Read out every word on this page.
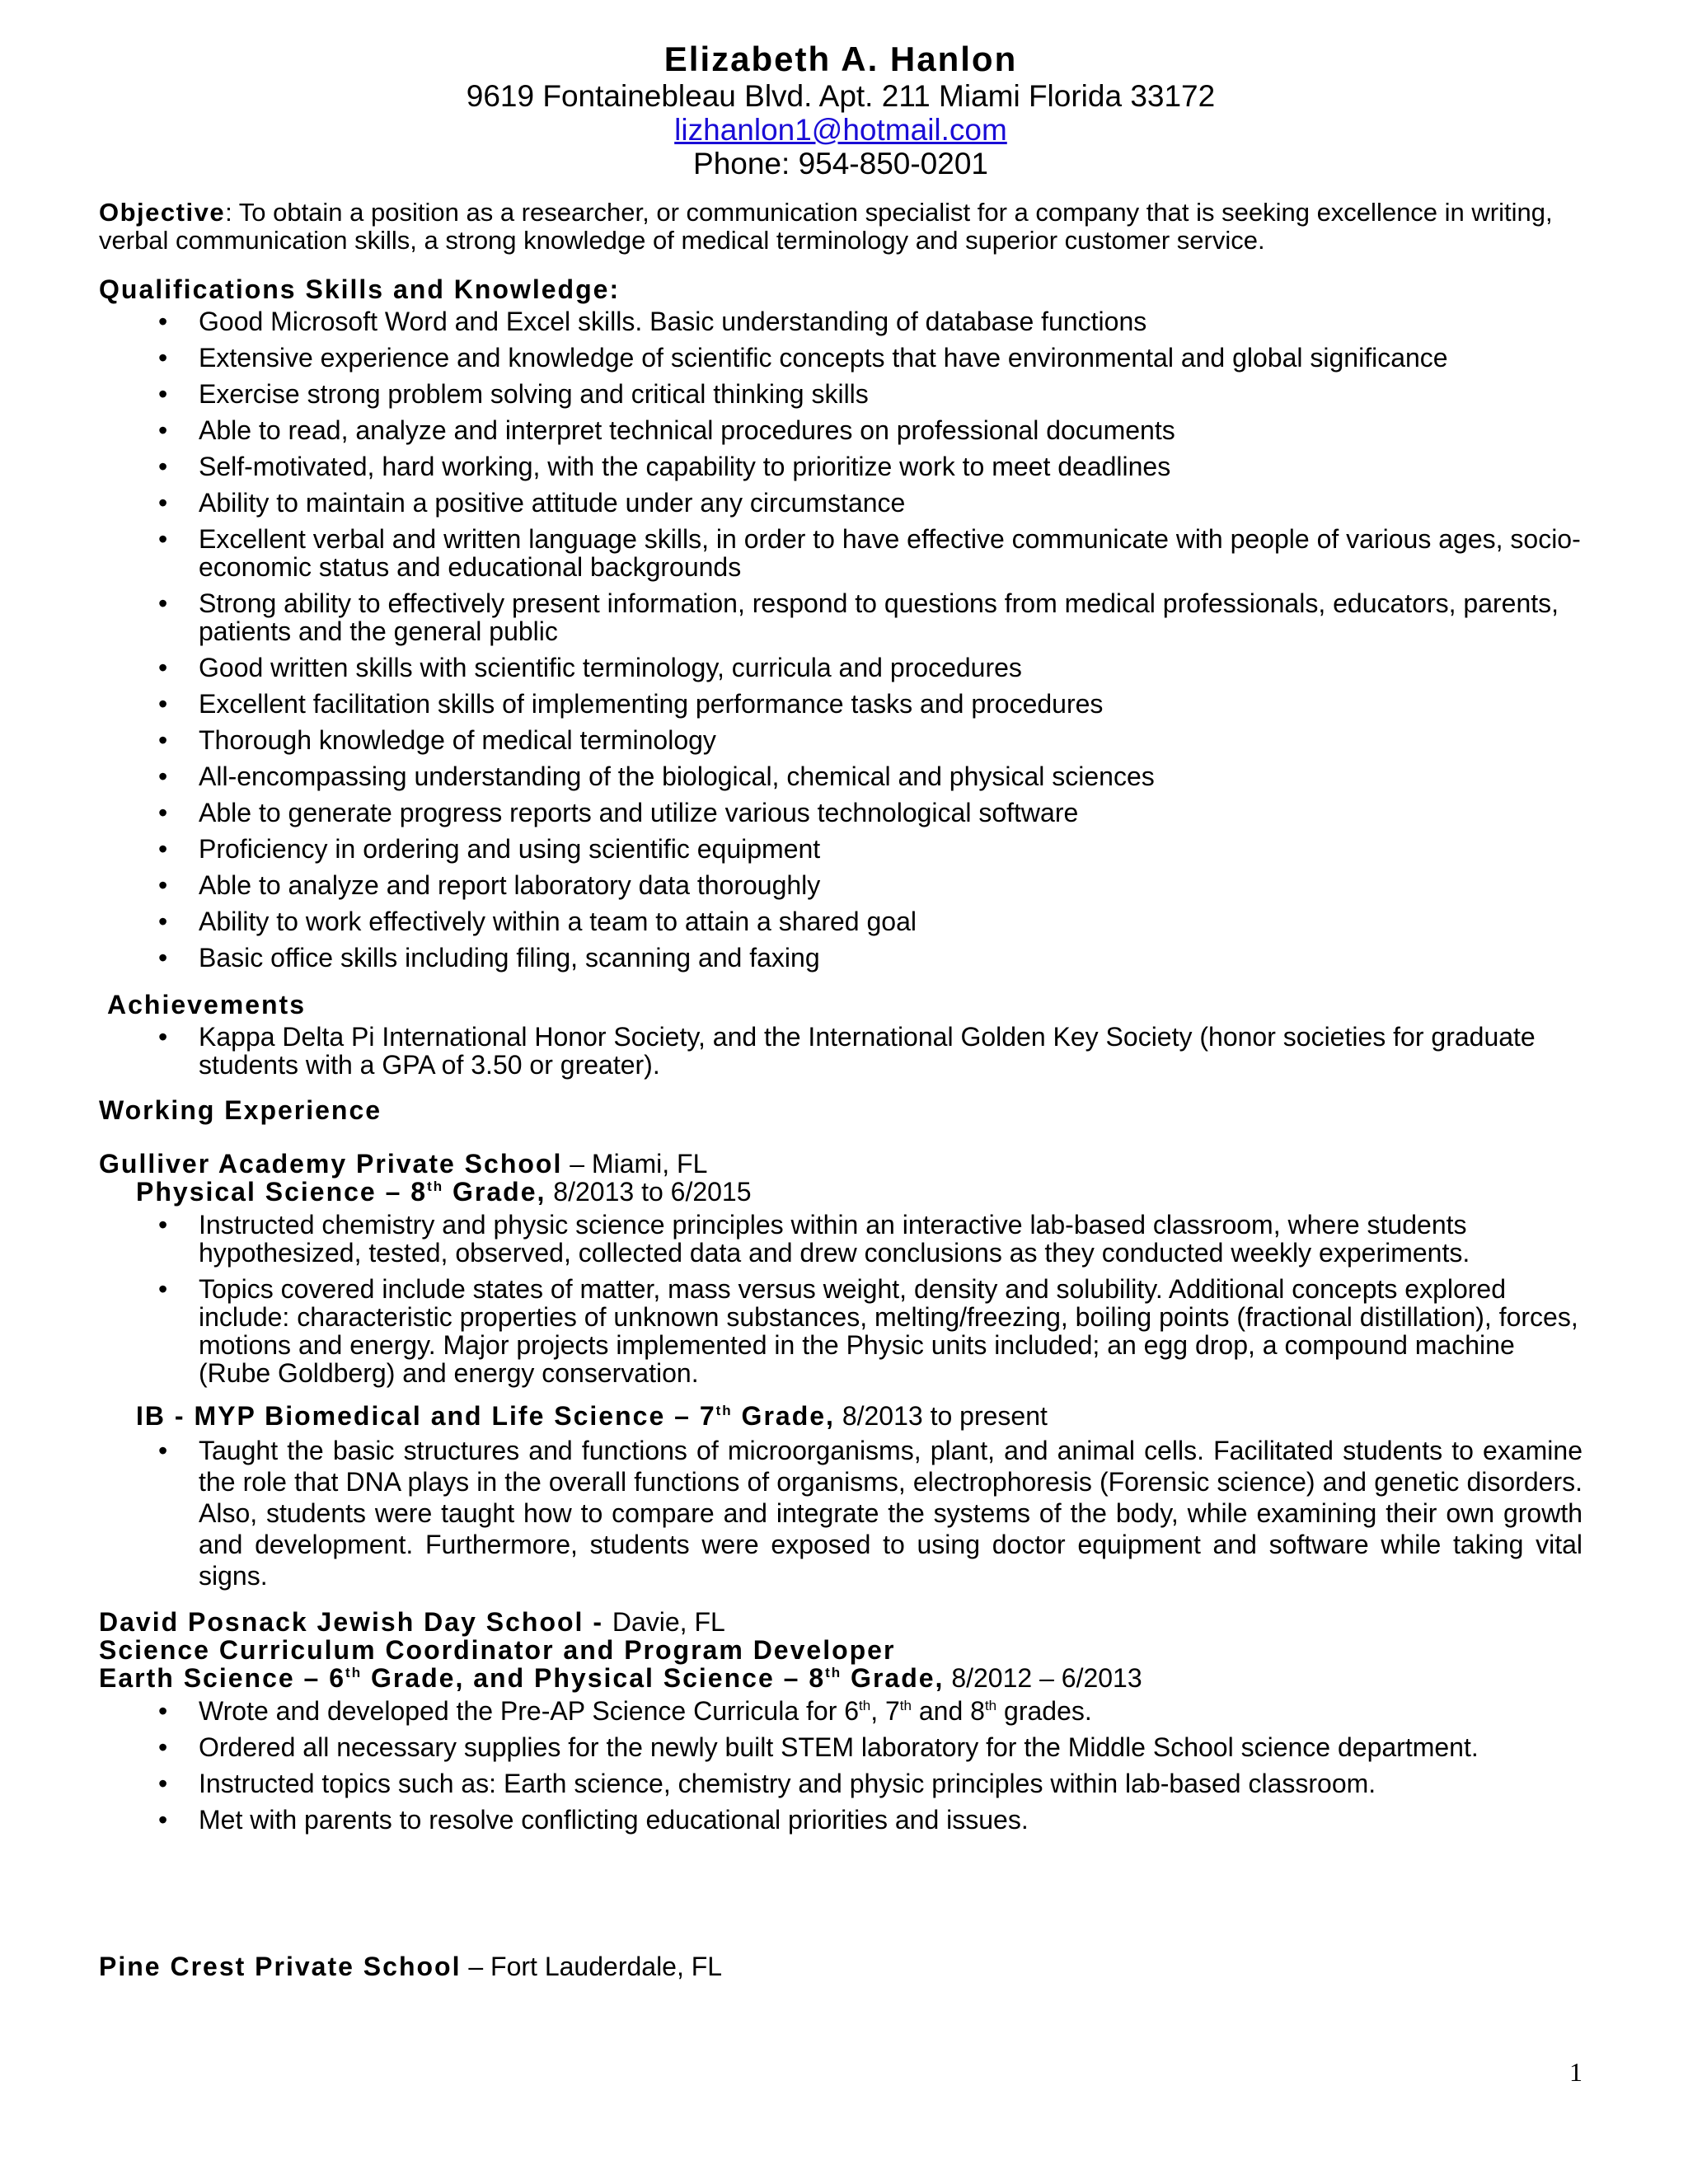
Elizabeth A. Hanlon
9619 Fontainebleau Blvd. Apt. 211 Miami Florida 33172
lizhanlon1@hotmail.com
Phone: 954-850-0201
Objective: To obtain a position as a researcher, or communication specialist for a company that is seeking excellence in writing, verbal communication skills, a strong knowledge of medical terminology and superior customer service.
Qualifications Skills and Knowledge:
• Good Microsoft Word and Excel skills. Basic understanding of database functions
• Extensive experience and knowledge of scientific concepts that have environmental and global significance
• Exercise strong problem solving and critical thinking skills
• Able to read, analyze and interpret technical procedures on professional documents
• Self-motivated, hard working, with the capability to prioritize work to meet deadlines
• Ability to maintain a positive attitude under any circumstance
• Excellent verbal and written language skills, in order to have effective communicate with people of various ages, socio-economic status and educational backgrounds
• Strong ability to effectively present information, respond to questions from medical professionals, educators, parents, patients and the general public
• Good written skills with scientific terminology, curricula and procedures
• Excellent facilitation skills of implementing performance tasks and procedures
• Thorough knowledge of medical terminology
• All-encompassing understanding of the biological, chemical and physical sciences
• Able to generate progress reports and utilize various technological software
• Proficiency in ordering and using scientific equipment
• Able to analyze and report laboratory data thoroughly
• Ability to work effectively within a team to attain a shared goal
• Basic office skills including filing, scanning and faxing
Achievements
• Kappa Delta Pi International Honor Society, and the International Golden Key Society (honor societies for graduate students with a GPA of 3.50 or greater).
Working Experience
Gulliver Academy Private School – Miami, FL
Physical Science – 8th Grade, 8/2013 to 6/2015
• Instructed chemistry and physic science principles within an interactive lab-based classroom, where students hypothesized, tested, observed, collected data and drew conclusions as they conducted weekly experiments.
• Topics covered include states of matter, mass versus weight, density and solubility. Additional concepts explored include: characteristic properties of unknown substances, melting/freezing, boiling points (fractional distillation), forces, motions and energy. Major projects implemented in the Physic units included; an egg drop, a compound machine (Rube Goldberg) and energy conservation.
IB - MYP Biomedical and Life Science – 7th Grade, 8/2013 to present
• Taught the basic structures and functions of microorganisms, plant, and animal cells. Facilitated students to examine the role that DNA plays in the overall functions of organisms, electrophoresis (Forensic science) and genetic disorders. Also, students were taught how to compare and integrate the systems of the body, while examining their own growth and development. Furthermore, students were exposed to using doctor equipment and software while taking vital signs.
David Posnack Jewish Day School - Davie, FL
Science Curriculum Coordinator and Program Developer
Earth Science – 6th Grade, and Physical Science – 8th Grade, 8/2012 – 6/2013
• Wrote and developed the Pre-AP Science Curricula for 6th, 7th and 8th grades.
• Ordered all necessary supplies for the newly built STEM laboratory for the Middle School science department.
• Instructed topics such as: Earth science, chemistry and physic principles within lab-based classroom.
• Met with parents to resolve conflicting educational priorities and issues.
Pine Crest Private School – Fort Lauderdale, FL
1
